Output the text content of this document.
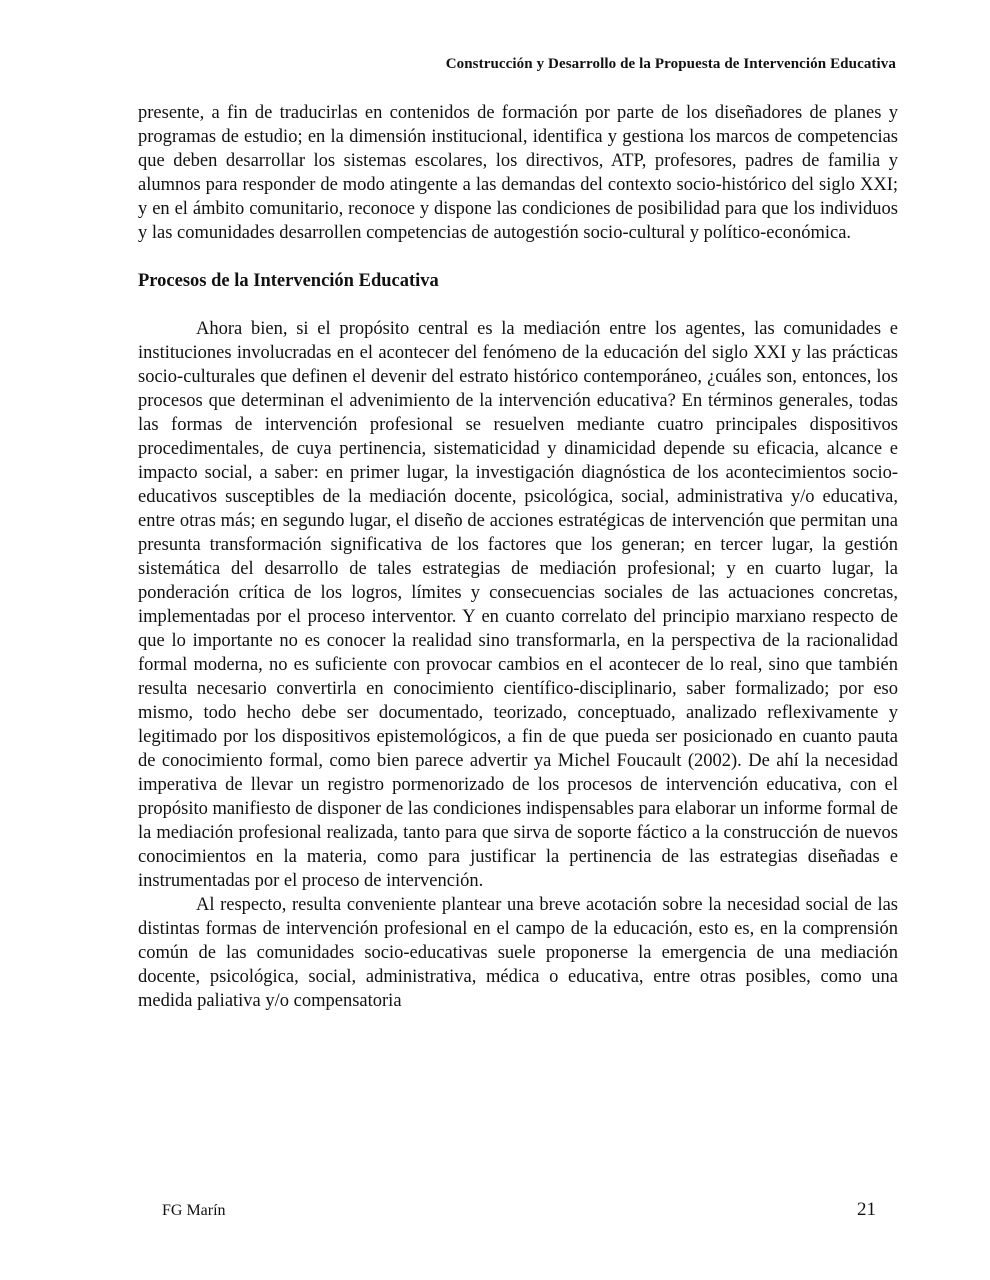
Construcción y Desarrollo de la Propuesta de Intervención Educativa

presente, a fin de traducirlas en contenidos de formación por parte de los diseñadores de planes y programas de estudio; en la dimensión institucional, identifica y gestiona los marcos de competencias que deben desarrollar los sistemas escolares, los directivos, ATP, profesores, padres de familia y alumnos para responder de modo atingente a las demandas del contexto socio-histórico del siglo XXI; y en el ámbito comunitario, reconoce y dispone las condiciones de posibilidad para que los individuos y las comunidades desarrollen competencias de autogestión socio-cultural y político-económica.

Procesos de la Intervención Educativa

Ahora bien, si el propósito central es la mediación entre los agentes, las comunidades e instituciones involucradas en el acontecer del fenómeno de la educación del siglo XXI y las prácticas socio-culturales que definen el devenir del estrato histórico contemporáneo, ¿cuáles son, entonces, los procesos que determinan el advenimiento de la intervención educativa? En términos generales, todas las formas de intervención profesional se resuelven mediante cuatro principales dispositivos procedimentales, de cuya pertinencia, sistematicidad y dinamicidad depende su eficacia, alcance e impacto social, a saber: en primer lugar, la investigación diagnóstica de los acontecimientos socio-educativos susceptibles de la mediación docente, psicológica, social, administrativa y/o educativa, entre otras más; en segundo lugar, el diseño de acciones estratégicas de intervención que permitan una presunta transformación significativa de los factores que los generan; en tercer lugar, la gestión sistemática del desarrollo de tales estrategias de mediación profesional; y en cuarto lugar, la ponderación crítica de los logros, límites y consecuencias sociales de las actuaciones concretas, implementadas por el proceso interventor. Y en cuanto correlato del principio marxiano respecto de que lo importante no es conocer la realidad sino transformarla, en la perspectiva de la racionalidad formal moderna, no es suficiente con provocar cambios en el acontecer de lo real, sino que también resulta necesario convertirla en conocimiento científico-disciplinario, saber formalizado; por eso mismo, todo hecho debe ser documentado, teorizado, conceptuado, analizado reflexivamente y legitimado por los dispositivos epistemológicos, a fin de que pueda ser posicionado en cuanto pauta de conocimiento formal, como bien parece advertir ya Michel Foucault (2002). De ahí la necesidad imperativa de llevar un registro pormenorizado de los procesos de intervención educativa, con el propósito manifiesto de disponer de las condiciones indispensables para elaborar un informe formal de la mediación profesional realizada, tanto para que sirva de soporte fáctico a la construcción de nuevos conocimientos en la materia, como para justificar la pertinencia de las estrategias diseñadas e instrumentadas por el proceso de intervención.

Al respecto, resulta conveniente plantear una breve acotación sobre la necesidad social de las distintas formas de intervención profesional en el campo de la educación, esto es, en la comprensión común de las comunidades socio-educativas suele proponerse la emergencia de una mediación docente, psicológica, social, administrativa, médica o educativa, entre otras posibles, como una medida paliativa y/o compensatoria

FG Marín	21
